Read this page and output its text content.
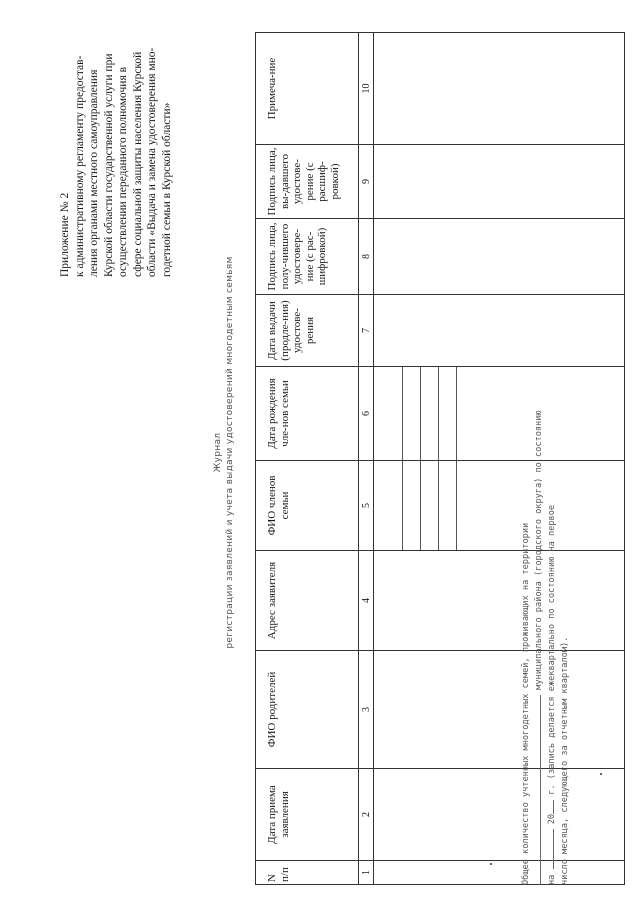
Приложение № 2 к административному регламенту предостав- ления органами местного самоуправления Курской области государственной услуги при осуществлении переданного полномочия в сфере социальной защиты населения Курской области «Выдача и замена удостоверения мно- годетной семьи в Курской области»
Журнал регистрации заявлений и учета выдачи удостоверений многодетным семьям
N п/п	Дата приема заявления	ФИО родителей	Адрес заявителя	ФИО членов семьи	Дата рождения чле-нов семьи	Дата выдачи (продле-ния) удостове-рения	Подпись лица, полу-чившего удостовере-ние (с рас-шифровкой)	Подпись лица, вы-давшего удостове-рение (с расшиф-ровкой)	Примеча-ние
1	2	3	4	5	6	7	8	9	10

Общее количество учтенных многодетных семей, проживающих на территории муниципального района (городского округа) по состоянию
на  20 г. (запись делается ежеквартально по состоянию на первое число месяца, следующего за отчетным кварталом).
